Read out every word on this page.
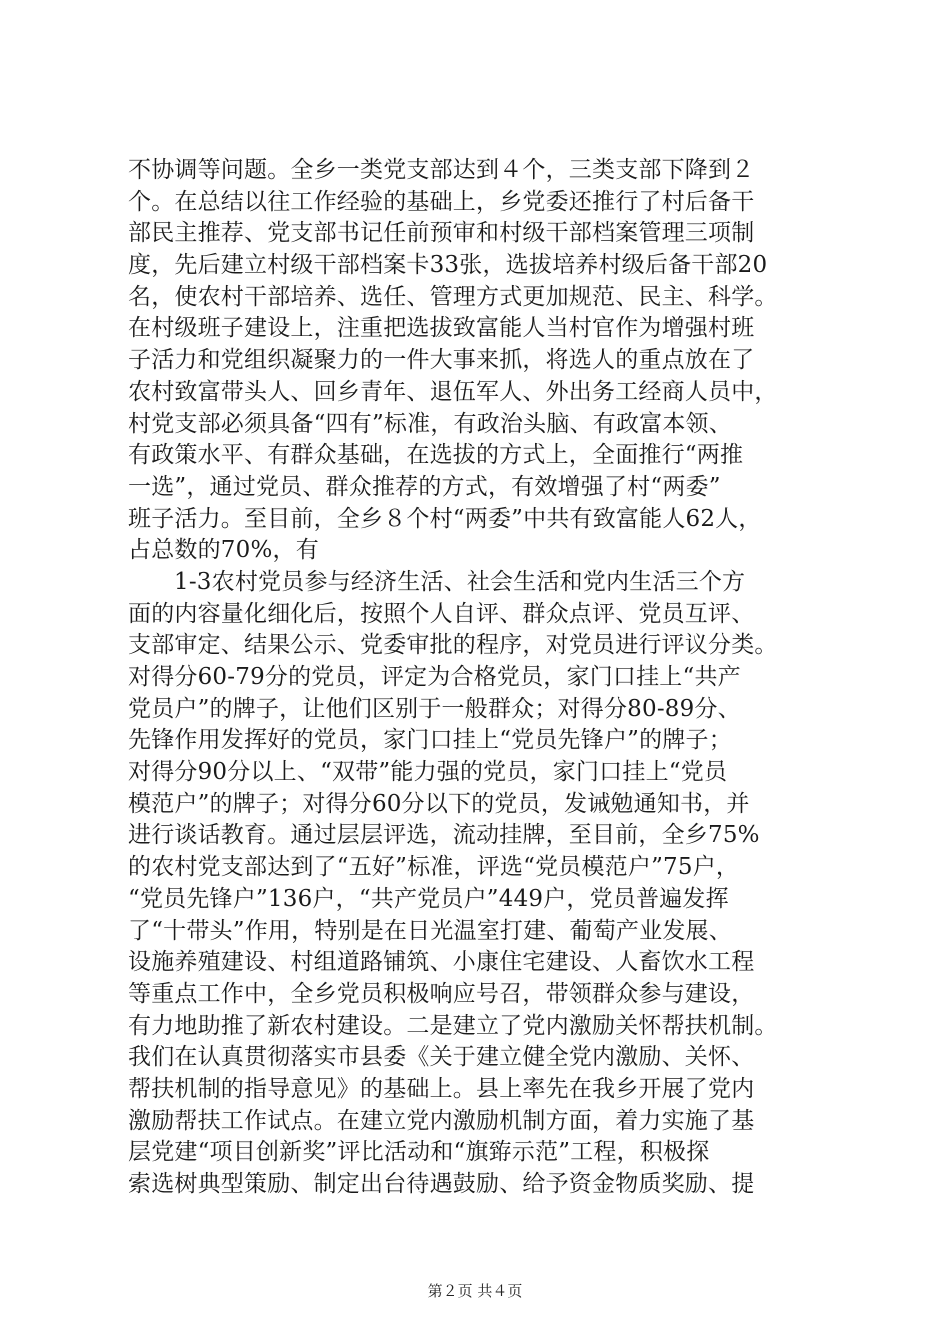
不协调等问题。全乡一类党支部达到４个，三类支部下降到２
个。在总结以往工作经验的基础上，乡党委还推行了村后备干
部民主推荐、党支部书记任前预审和村级干部档案管理三项制
度，先后建立村级干部档案卡33张，选拔培养村级后备干部20
名，使农村干部培养、选任、管理方式更加规范、民主、科学。
在村级班子建设上，注重把选拔致富能人当村官作为增强村班
子活力和党组织凝聚力的一件大事来抓，将选人的重点放在了
农村致富带头人、回乡青年、退伍军人、外出务工经商人员中，
村党支部必须具备“四有”标准，有政治头脑、有政富本领、
有政策水平、有群众基础，在选拔的方式上，全面推行“两推
一选”，通过党员、群众推荐的方式，有效增强了村“两委”
班子活力。至目前，全乡８个村“两委”中共有致富能人62人，
占总数的70%，有
1-3农村党员参与经济生活、社会生活和党内生活三个方
面的内容量化细化后，按照个人自评、群众点评、党员互评、
支部审定、结果公示、党委审批的程序，对党员进行评议分类。
对得分60-79分的党员，评定为合格党员，家门口挂上“共产
党员户”的牌子，让他们区别于一般群众；对得分80-89分、
先锋作用发挥好的党员，家门口挂上“党员先锋户”的牌子；
对得分90分以上、“双带”能力强的党员，家门口挂上“党员
模范户”的牌子；对得分60分以下的党员，发诫勉通知书，并
进行谈话教育。通过层层评选，流动挂牌，至目前，全乡75%
的农村党支部达到了“五好”标准，评选“党员模范户”75户，
“党员先锋户”136户，“共产党员户”449户，党员普遍发挥
了“十带头”作用，特别是在日光温室打建、葡萄产业发展、
设施养殖建设、村组道路铺筑、小康住宅建设、人畜饮水工程
等重点工作中，全乡党员积极响应号召，带领群众参与建设，
有力地助推了新农村建设。二是建立了党内激励关怀帮扶机制。
我们在认真贯彻落实市县委《关于建立健全党内激励、关怀、
帮扶机制的指导意见》的基础上。县上率先在我乡开展了党内
激励帮扶工作试点。在建立党内激励机制方面，着力实施了基
层党建“项目创新奖”评比活动和“旗臶示范”工程，积极探
索选树典型策励、制定出台待遇鼓励、给予资金物质奖励、提
第２页 共４页
